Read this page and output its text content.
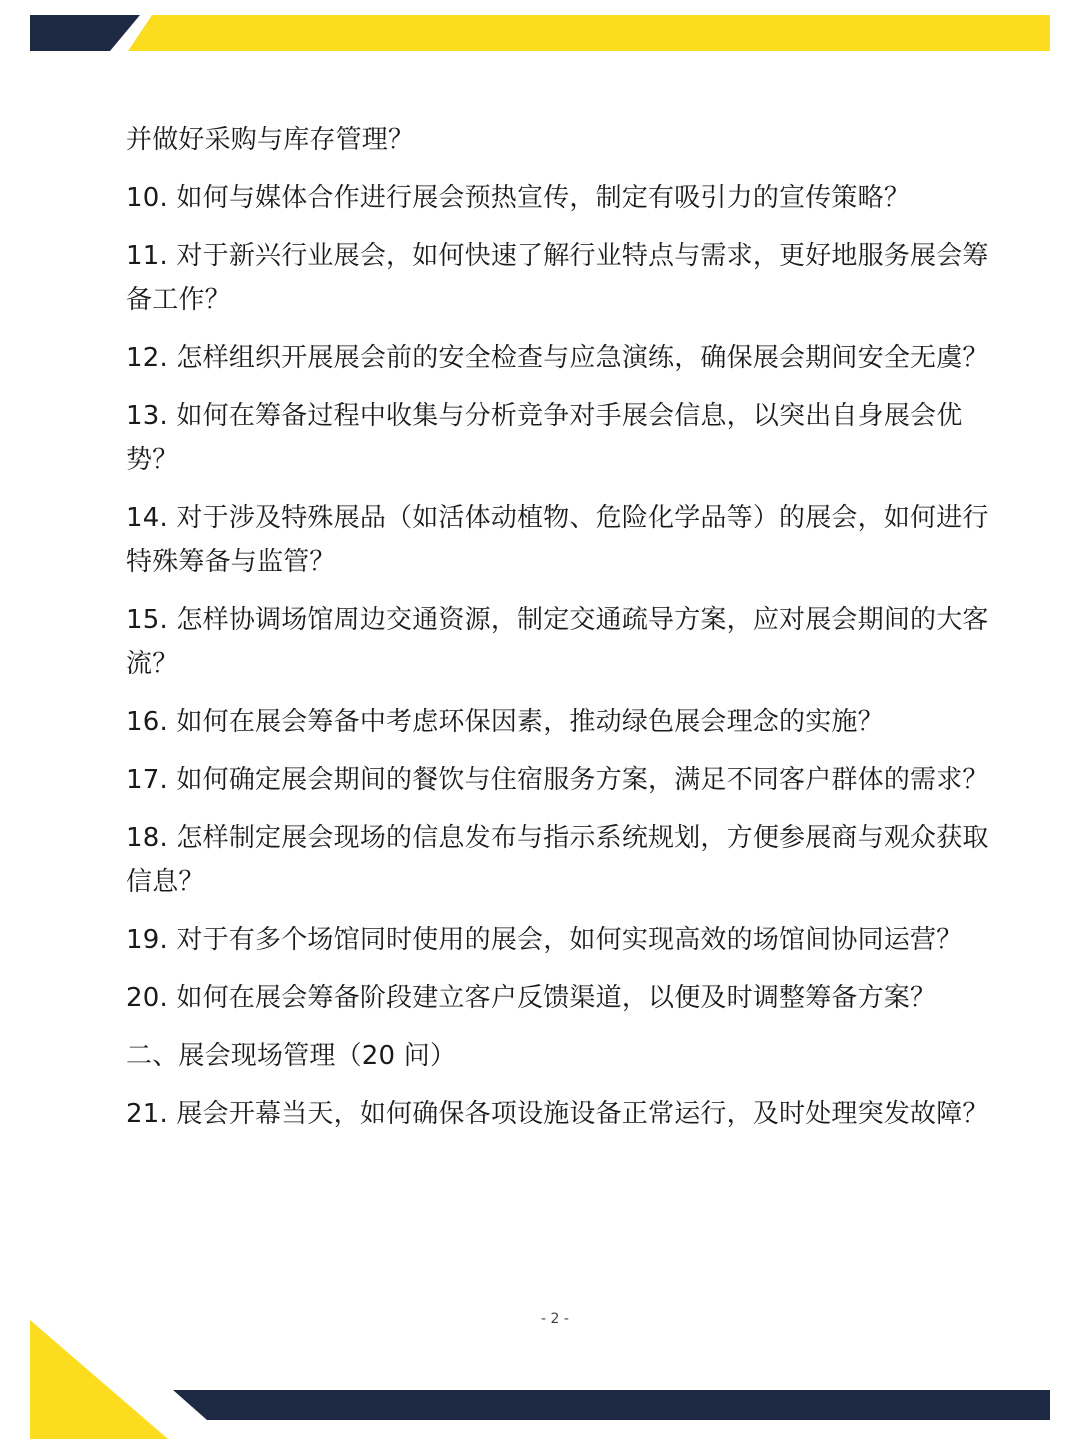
并做好采购与库存管理？

10. 如何与媒体合作进行展会预热宣传，制定有吸引力的宣传策略？

11. 对于新兴行业展会，如何快速了解行业特点与需求，更好地服务展会筹备工作？

12. 怎样组织开展展会前的安全检查与应急演练，确保展会期间安全无虞？

13. 如何在筹备过程中收集与分析竞争对手展会信息，以突出自身展会优势？

14. 对于涉及特殊展品（如活体动植物、危险化学品等）的展会，如何进行特殊筹备与监管？

15. 怎样协调场馆周边交通资源，制定交通疏导方案，应对展会期间的大客流？

16. 如何在展会筹备中考虑环保因素，推动绿色展会理念的实施？

17. 如何确定展会期间的餐饮与住宿服务方案，满足不同客户群体的需求？

18. 怎样制定展会现场的信息发布与指示系统规划，方便参展商与观众获取信息？

19. 对于有多个场馆同时使用的展会，如何实现高效的场馆间协同运营？

20. 如何在展会筹备阶段建立客户反馈渠道，以便及时调整筹备方案？

二、展会现场管理（20 问）

21. 展会开幕当天，如何确保各项设施设备正常运行，及时处理突发故障？

- 2 -
